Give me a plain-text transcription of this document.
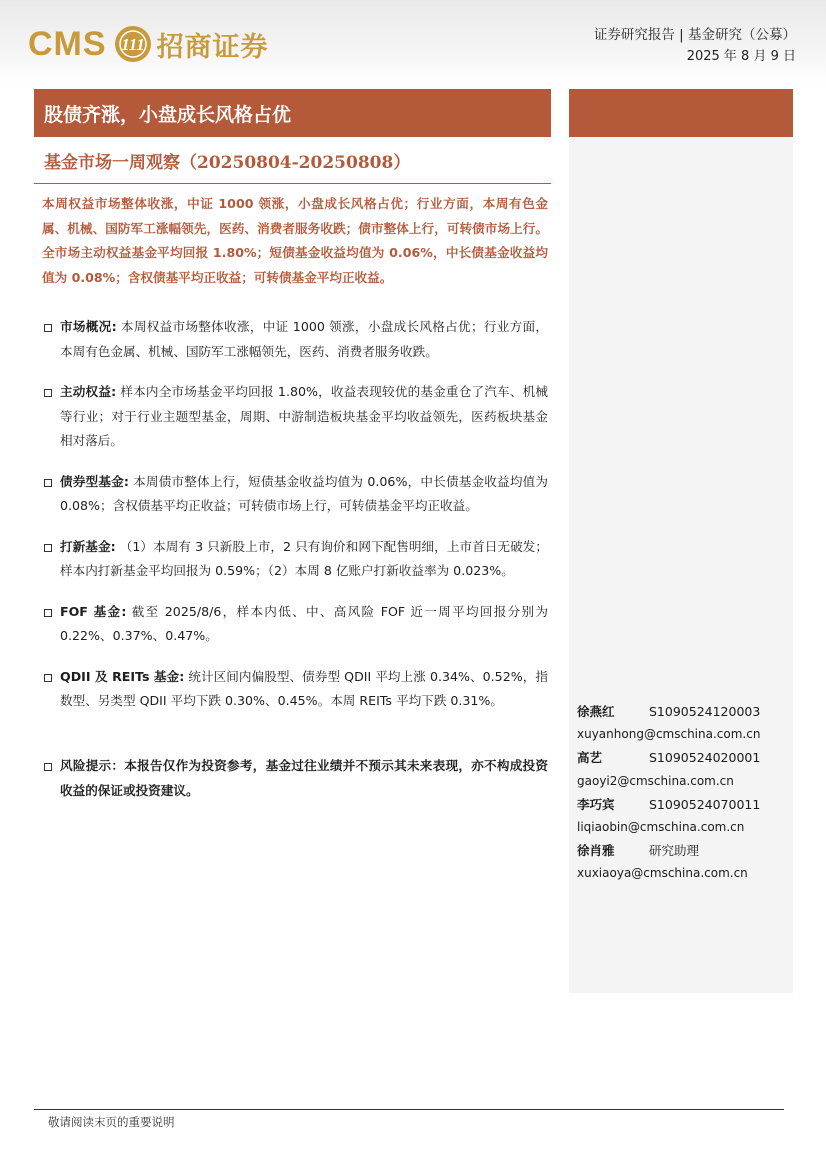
CMS 111 招商证券	证券研究报告 | 基金研究（公募）
2025 年 8 月 9 日
股债齐涨，小盘成长风格占优
基金市场一周观察（20250804-20250808）
本周权益市场整体收涨，中证 1000 领涨，小盘成长风格占优；行业方面，本周有色金属、机械、国防军工涨幅领先，医药、消费者服务收跌；债市整体上行，可转债市场上行。全市场主动权益基金平均回报 1.80%；短债基金收益均值为 0.06%，中长债基金收益均值为 0.08%；含权债基平均正收益；可转债基金平均正收益。
市场概况: 本周权益市场整体收涨，中证 1000 领涨，小盘成长风格占优；行业方面，本周有色金属、机械、国防军工涨幅领先，医药、消费者服务收跌。
主动权益: 样本内全市场基金平均回报 1.80%，收益表现较优的基金重仓了汽车、机械等行业；对于行业主题型基金，周期、中游制造板块基金平均收益领先，医药板块基金相对落后。
债券型基金: 本周债市整体上行，短债基金收益均值为 0.06%，中长债基金收益均值为 0.08%；含权债基平均正收益；可转债市场上行，可转债基金平均正收益。
打新基金: （1）本周有 3 只新股上市，2 只有询价和网下配售明细，上市首日无破发；样本内打新基金平均回报为 0.59%；（2）本周 8 亿账户打新收益率为 0.023%。
FOF 基金: 截至 2025/8/6，样本内低、中、高风险 FOF 近一周平均回报分别为 0.22%、0.37%、0.47%。
QDII 及 REITs 基金: 统计区间内偏股型、债券型 QDII 平均上涨 0.34%、0.52%，指数型、另类型 QDII 平均下跌 0.30%、0.45%。本周 REITs 平均下跌 0.31%。
风险提示：本报告仅作为投资参考，基金过往业绩并不预示其未来表现，亦不构成投资收益的保证或投资建议。
徐燕红	S1090524120003
xuyanhong@cmschina.com.cn
高艺	S1090524020001
gaoyi2@cmschina.com.cn
李巧宾	S1090524070011
liqiaobin@cmschina.com.cn
徐肖雅	研究助理
xuxiaoya@cmschina.com.cn
敬请阅读末页的重要说明
